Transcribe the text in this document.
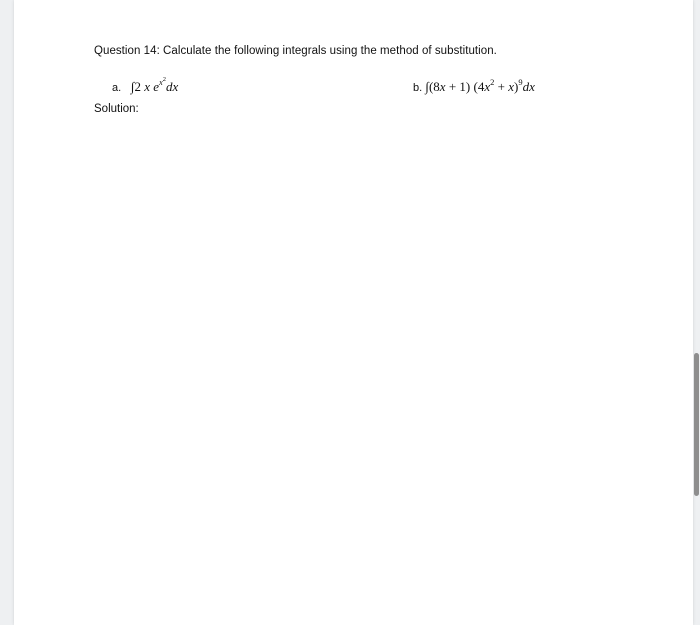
Question 14: Calculate the following integrals using the method of substitution.
a. ∫2 x $e^{x^2}dx$	b. ∫(8x + 1) $(4x^2 + x)^9dx$
Solution:
